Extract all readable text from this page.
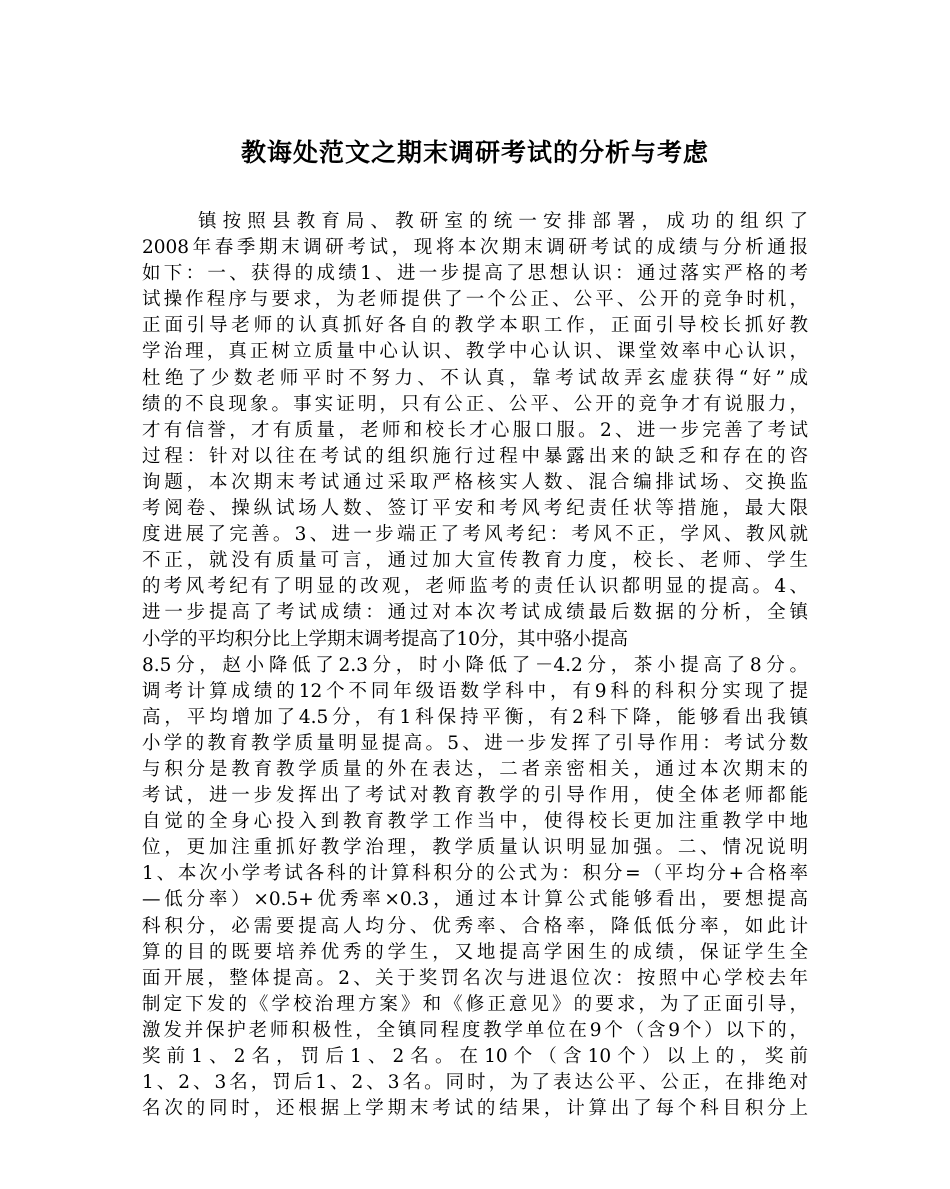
教诲处范文之期末调研考试的分析与考虑
镇按照县教育局、教研室的统一安排部署，成功的组织了
2008年春季期末调研考试，现将本次期末调研考试的成绩与分析通报
如下：一、获得的成绩1、进一步提高了思想认识：通过落实严格的考
试操作程序与要求，为老师提供了一个公正、公平、公开的竞争时机，
正面引导老师的认真抓好各自的教学本职工作，正面引导校长抓好教
学治理，真正树立质量中心认识、教学中心认识、课堂效率中心认识，
杜绝了少数老师平时不努力、不认真，靠考试故弄玄虚获得“好”成
绩的不良现象。事实证明，只有公正、公平、公开的竞争才有说服力，
才有信誉，才有质量，老师和校长才心服口服。2、进一步完善了考试
过程：针对以往在考试的组织施行过程中暴露出来的缺乏和存在的咨
询题，本次期末考试通过采取严格核实人数、混合编排试场、交换监
考阅卷、操纵试场人数、签订平安和考风考纪责任状等措施，最大限
度进展了完善。3、进一步端正了考风考纪：考风不正，学风、教风就
不正，就没有质量可言，通过加大宣传教育力度，校长、老师、学生
的考风考纪有了明显的改观，老师监考的责任认识都明显的提高。4、
进一步提高了考试成绩：通过对本次考试成绩最后数据的分析，全镇
小学的平均积分比上学期末调考提高了10分，其中骆小提高
8.5分，赵小降低了2.3分，时小降低了－4.2分，茶小提高了8分。
调考计算成绩的12个不同年级语数学科中，有9科的科积分实现了提
高，平均增加了4.5分，有1科保持平衡，有2科下降，能够看出我镇
小学的教育教学质量明显提高。5、进一步发挥了引导作用：考试分数
与积分是教育教学质量的外在表达，二者亲密相关，通过本次期末的
考试，进一步发挥出了考试对教育教学的引导作用，使全体老师都能
自觉的全身心投入到教育教学工作当中，使得校长更加注重教学中地
位，更加注重抓好教学治理，教学质量认识明显加强。二、情况说明
1、本次小学考试各科的计算科积分的公式为：积分=（平均分+合格率
—低分率）×0.5+优秀率×0.3，通过本计算公式能够看出，要想提高
科积分，必需要提高人均分、优秀率、合格率，降低低分率，如此计
算的目的既要培养优秀的学生，又地提高学困生的成绩，保证学生全
面开展，整体提高。2、关于奖罚名次与进退位次：按照中心学校去年
制定下发的《学校治理方案》和《修正意见》的要求，为了正面引导，
激发并保护老师积极性，全镇同程度教学单位在9个（含9个）以下的，
奖前1、2名，罚后1、2名。在10个（含10个）以上的，奖前
1、2、3名，罚后1、2、3名。同时，为了表达公平、公正，在排绝对
名次的同时，还根据上学期末考试的结果，计算出了每个科目积分上
